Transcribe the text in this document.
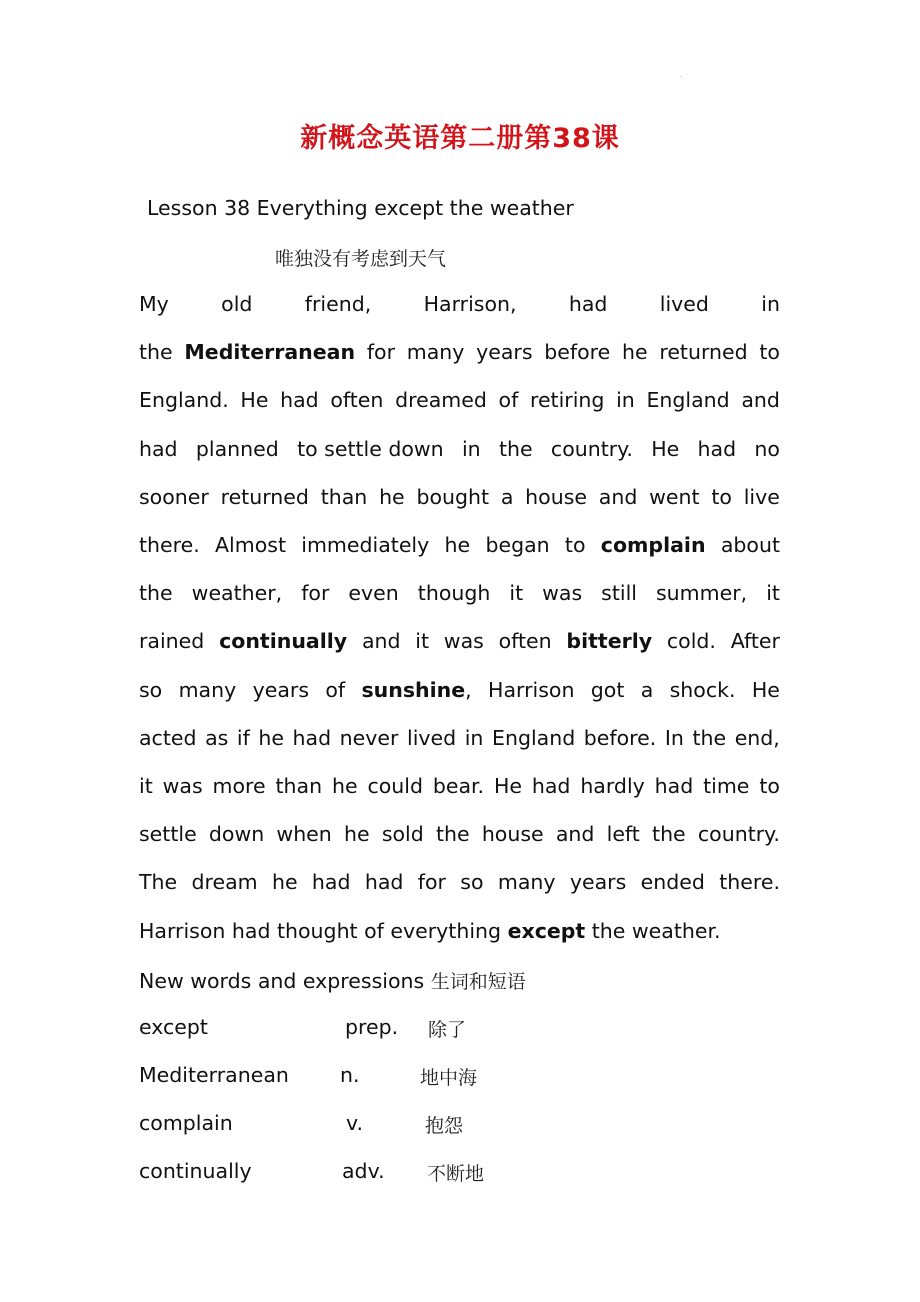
新概念英语第二册第38课
Lesson 38 Everything except the weather
唯独没有考虑到天气
My	old	friend,	Harrison,	had	lived	in
the Mediterranean for many years before he returned to
England. He had often dreamed of retiring in England and
had planned to settle down in the country. He had no
sooner returned than he bought a house and went to live
there. Almost immediately he began to complain about
the weather, for even though it was still summer, it
rained continually and it was often bitterly cold. After
so many years of sunshine, Harrison got a shock. He
acted as if he had never lived in England before. In the end,
it was more than he could bear. He had hardly had time to
settle down when he sold the house and left the country.
The dream he had had for so many years ended there.
Harrison had thought of everything except the weather.
New words and expressions 生词和短语
except	prep. 除了
Mediterranean n.	地中海
complain	v.	抱怨
continually	adv. 不断地
